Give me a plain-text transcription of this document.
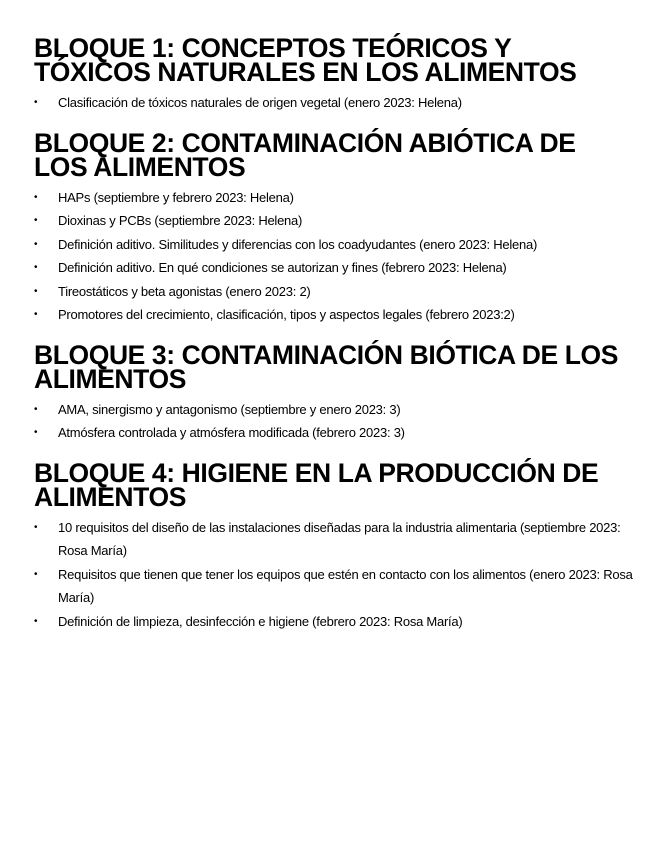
BLOQUE 1: CONCEPTOS TEÓRICOS Y TÓXICOS NATURALES EN LOS ALIMENTOS
• Clasificación de tóxicos naturales de origen vegetal (enero 2023: Helena)
BLOQUE 2: CONTAMINACIÓN ABIÓTICA DE LOS ALIMENTOS
• HAPs (septiembre y febrero 2023: Helena)
• Dioxinas y PCBs (septiembre 2023: Helena)
• Definición aditivo. Similitudes y diferencias con los coadyudantes (enero 2023: Helena)
• Definición aditivo. En qué condiciones se autorizan y fines (febrero 2023: Helena)
• Tireostáticos y beta agonistas (enero 2023: 2)
• Promotores del crecimiento, clasificación, tipos y aspectos legales (febrero 2023:2)
BLOQUE 3: CONTAMINACIÓN BIÓTICA DE LOS ALIMENTOS
• AMA, sinergismo y antagonismo (septiembre y enero 2023: 3)
• Atmósfera controlada y atmósfera modificada (febrero 2023: 3)
BLOQUE 4: HIGIENE EN LA PRODUCCIÓN DE ALIMENTOS
• 10 requisitos del diseño de las instalaciones diseñadas para la industria alimentaria (septiembre 2023: Rosa María)
• Requisitos que tienen que tener los equipos que estén en contacto con los alimentos (enero 2023: Rosa María)
• Definición de limpieza, desinfección e higiene (febrero 2023: Rosa María)
